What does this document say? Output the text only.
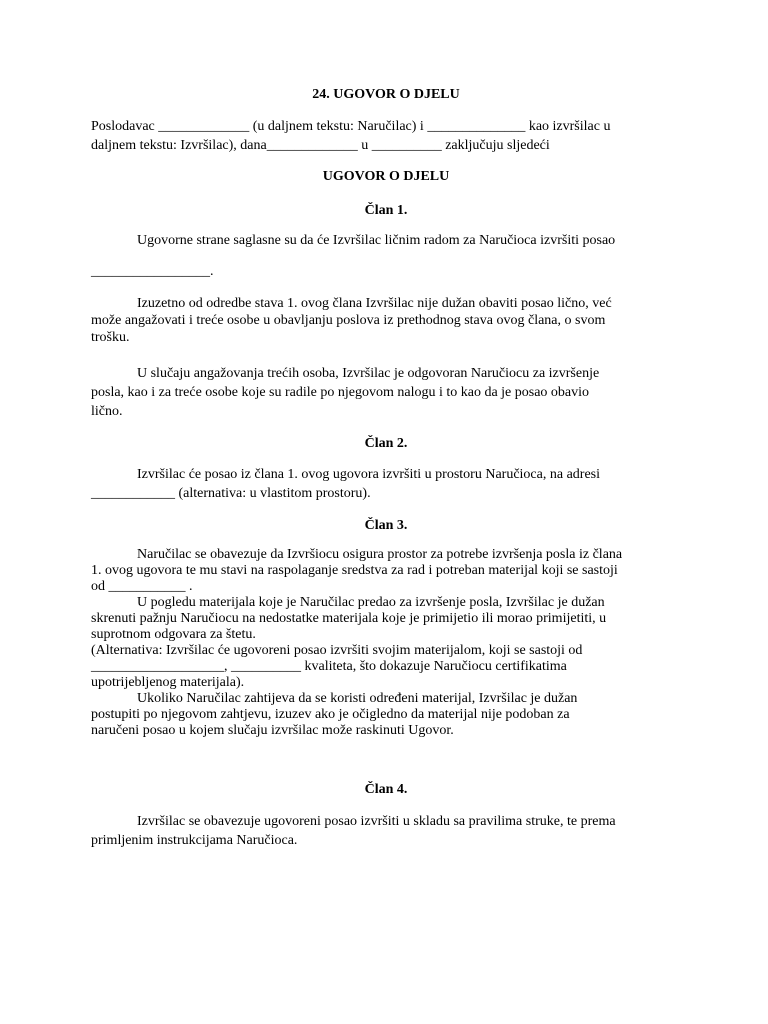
24. UGOVOR O DJELU

Poslodavac _____________ (u daljnem tekstu: Naručilac) i ______________ kao izvršilac u
daljnem tekstu: Izvršilac), dana_____________ u __________ zaključuju sljedeći

UGOVOR O DJELU

Član 1.

Ugovorne strane saglasne su da će Izvršilac ličnim radom za Naručioca izvršiti posao
_________________.
Izuzetno od odredbe stava 1. ovog člana Izvršilac nije dužan obaviti posao lično, već
može angažovati i treće osobe u obavljanju poslova iz prethodnog stava ovog člana, o svom
trošku.
U slučaju angažovanja trećih osoba, Izvršilac je odgovoran Naručiocu za izvršenje
posla, kao i za treće osobe koje su radile po njegovom nalogu i to kao da je posao obavio
lično.

Član 2.

Izvršilac će posao iz člana 1. ovog ugovora izvršiti u prostoru Naručioca, na adresi
____________ (alternativa: u vlastitom prostoru).

Član 3.

Naručilac se obavezuje da Izvršiocu osigura prostor za potrebe izvršenja posla iz člana
1. ovog ugovora te mu stavi na raspolaganje sredstva za rad i potreban materijal koji se sastoji
od ___________ .
U pogledu materijala koje je Naručilac predao za izvršenje posla, Izvršilac je dužan
skrenuti pažnju Naručiocu na nedostatke materijala koje je primijetio ili morao primijetiti, u
suprotnom odgovara za štetu.
(Alternativa: Izvršilac će ugovoreni posao izvršiti svojim materijalom, koji se sastoji od
___________________, __________ kvaliteta, što dokazuje Naručiocu certifikatima
upotrijebljenog materijala).
Ukoliko Naručilac zahtijeva da se koristi određeni materijal, Izvršilac je dužan
postupiti po njegovom zahtjevu, izuzev ako je očigledno da materijal nije podoban za
naručeni posao u kojem slučaju izvršilac može raskinuti Ugovor.

Član 4.

Izvršilac se obavezuje ugovoreni posao izvršiti u skladu sa pravilima struke, te prema
primljenim instrukcijama Naručioca.
